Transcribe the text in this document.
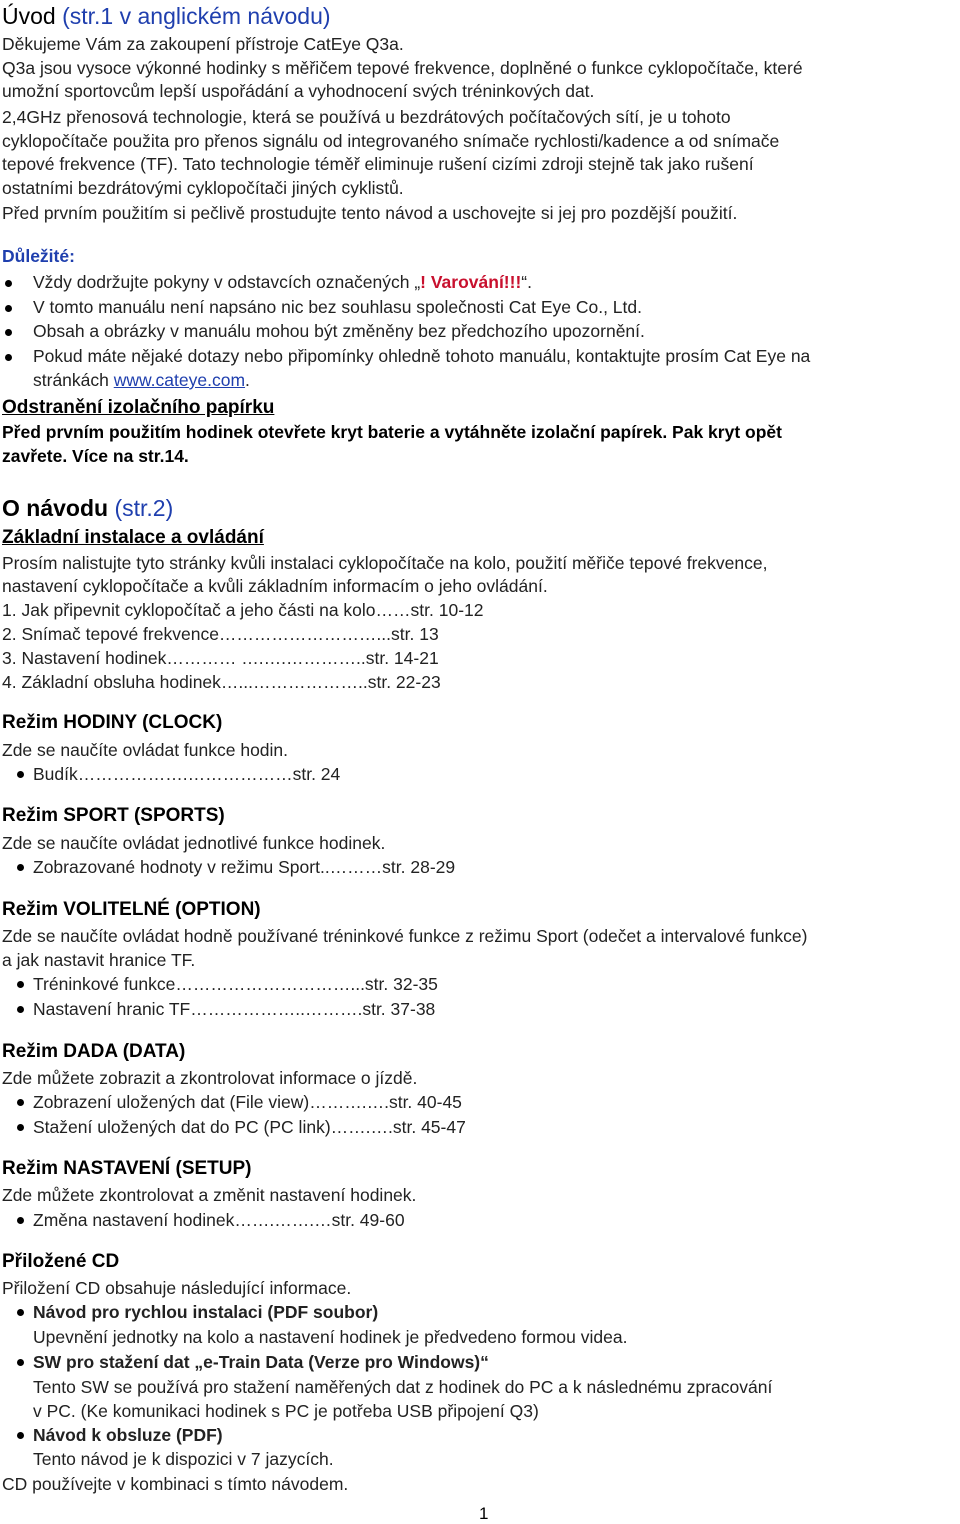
Úvod (str.1 v anglickém návodu)
Děkujeme Vám za zakoupení přístroje CatEye Q3a.
Q3a jsou vysoce výkonné hodinky s měřičem tepové frekvence, doplněné o funkce cyklopočítače, které
umožní sportovcům lepší uspořádání a vyhodnocení svých tréninkových dat.
2,4GHz přenosová technologie, která se používá u bezdrátových počítačových sítí, je u tohoto
cyklopočítače použita pro přenos signálu od integrovaného snímače rychlosti/kadence a od snímače
tepové frekvence (TF). Tato technologie téměř eliminuje rušení cizími zdroji stejně tak jako rušení
ostatními bezdrátovými cyklopočítači jiných cyklistů.
Před prvním použitím si pečlivě prostudujte tento návod a uschovejte si jej pro pozdější použití.
Důležité:
Vždy dodržujte pokyny v odstavcích označených „! Varování!!!“.
V tomto manuálu není napsáno nic bez souhlasu společnosti Cat Eye Co., Ltd.
Obsah a obrázky v manuálu mohou být změněny bez předchozího upozornění.
Pokud máte nějaké dotazy nebo připomínky ohledně tohoto manuálu, kontaktujte prosím Cat Eye na
stránkách www.cateye.com.
Odstranění izolačního papírku
Před prvním použitím hodinek otevřete kryt baterie a vytáhněte izolační papírek. Pak kryt opět
zavřete. Více na str.14.
O návodu (str.2)
Základní instalace a ovládání
Prosím nalistujte tyto stránky kvůli instalaci cyklopočítače na kolo, použití měřiče tepové frekvence,
nastavení cyklopočítače a kvůli základním informacím o jeho ovládání.
1. Jak připevnit cyklopočítač a jeho části na kolo……str. 10-12
2. Snímač tepové frekvence………………………...str. 13
3. Nastavení hodinek………… ….….…………..str. 14-21
4. Základní obsluha hodinek…...………………..str. 22-23
Režim HODINY (CLOCK)
Zde se naučíte ovládat funkce hodin.
Budík……………….………………str. 24
Režim SPORT (SPORTS)
Zde se naučíte ovládat jednotlivé funkce hodinek.
Zobrazované hodnoty v režimu Sport..………str. 28-29
Režim VOLITELNÉ (OPTION)
Zde se naučíte ovládat hodně používané tréninkové funkce z režimu Sport (odečet a intervalové funkce)
a jak nastavit hranice TF.
Tréninkové funkce…………………………...str. 32-35
Nastavení hranic TF………………..……….str. 37-38
Režim DADA (DATA)
Zde můžete zobrazit a zkontrolovat informace o jízdě.
Zobrazení uložených dat (File view)……….….str. 40-45
Stažení uložených dat do PC (PC link)…….….str. 45-47
Režim NASTAVENÍ (SETUP)
Zde můžete zkontrolovat a změnit nastavení hodinek.
Změna nastavení hodinek…….…….…str. 49-60
Přiložené CD
Přiložení CD obsahuje následující informace.
Návod pro rychlou instalaci (PDF soubor)
Upevnění jednotky na kolo a nastavení hodinek je předvedeno formou videa.
SW pro stažení dat „e-Train Data (Verze pro Windows)“
Tento SW se používá pro stažení naměřených dat z hodinek do PC a k následnému zpracování
v PC. (Ke komunikaci hodinek s PC je potřeba USB připojení Q3)
Návod k obsluze (PDF)
Tento návod je k dispozici v 7 jazycích.
CD používejte v kombinaci s tímto návodem.
1
